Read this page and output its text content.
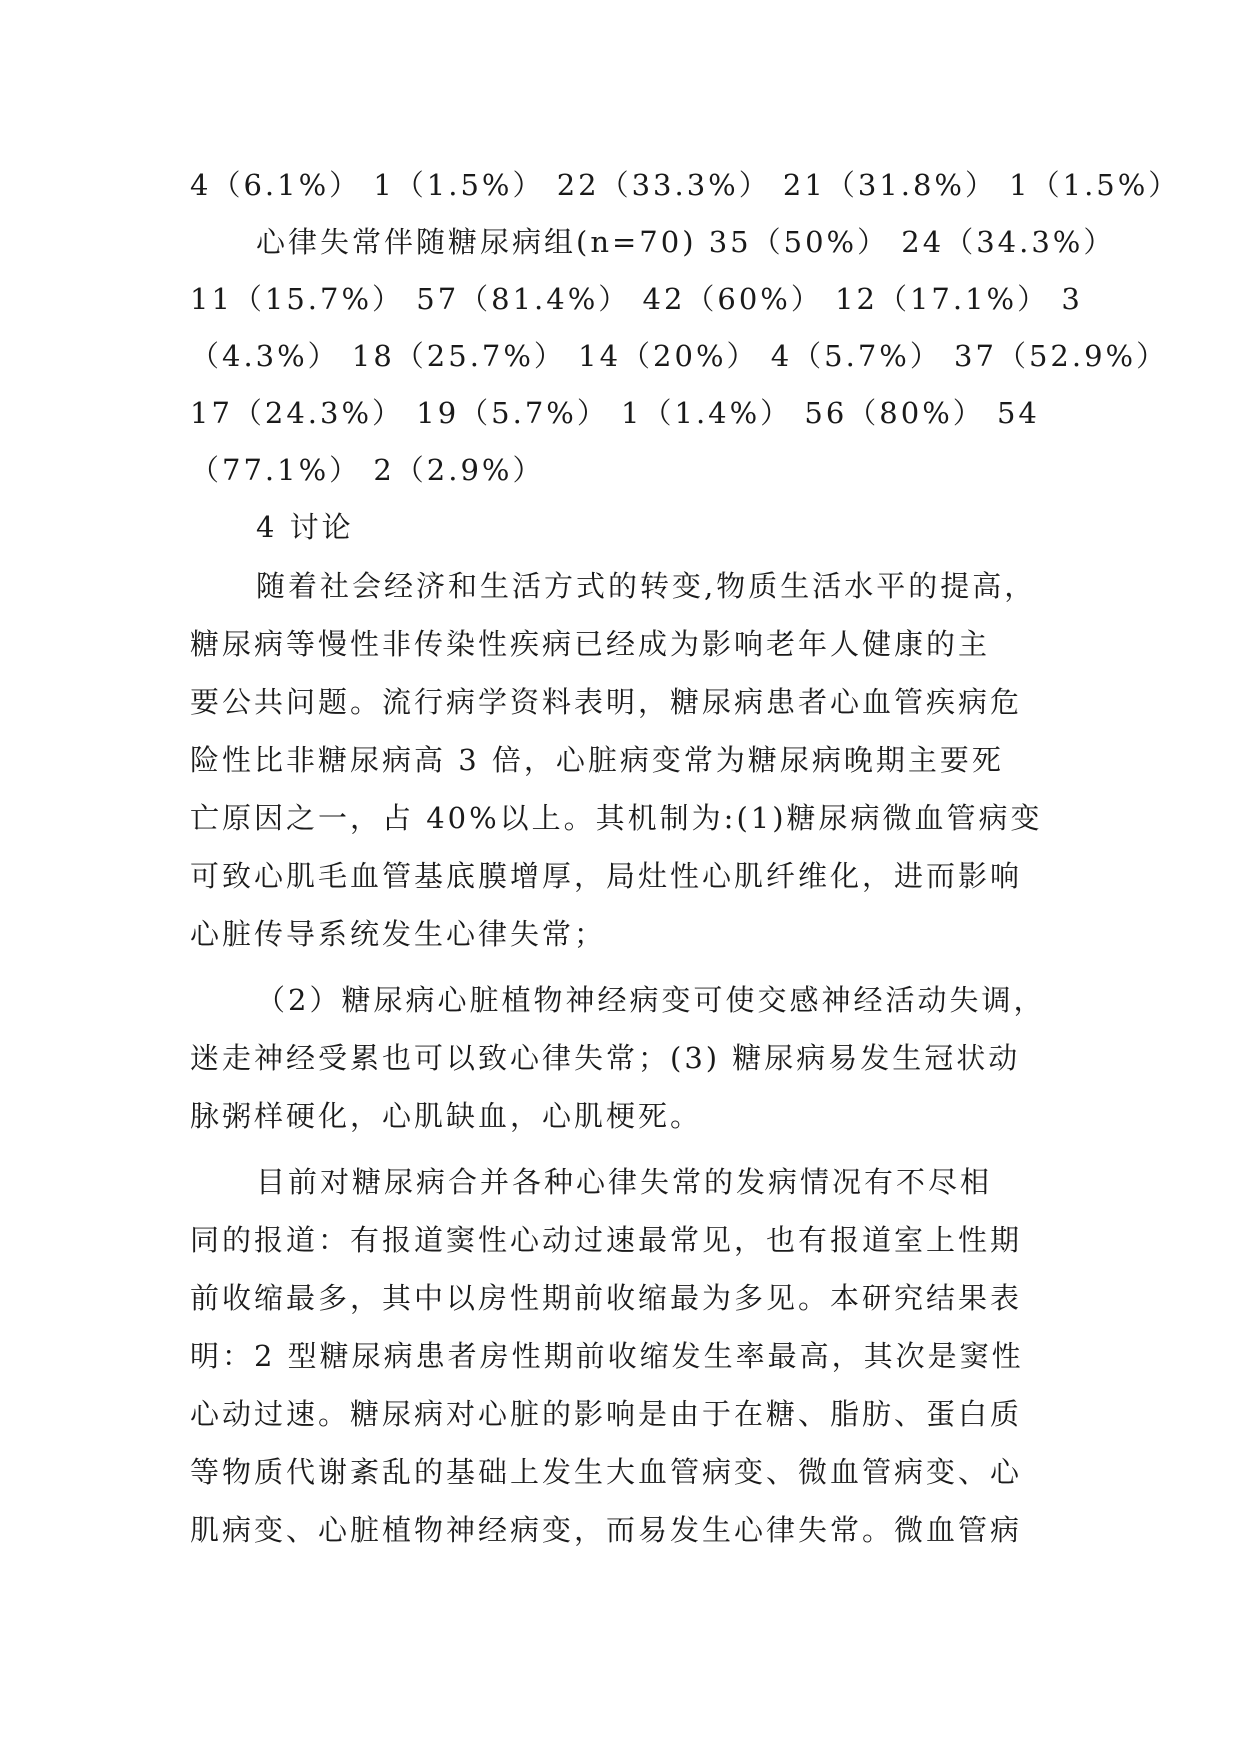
4（6.1%） 1（1.5%） 22（33.3%） 21（31.8%） 1（1.5%）

心律失常伴随糖尿病组(n=70) 35（50%） 24（34.3%）

11（15.7%） 57（81.4%） 42（60%） 12（17.1%） 3

（4.3%） 18（25.7%） 14（20%） 4（5.7%） 37（52.9%）

17（24.3%） 19（5.7%） 1（1.4%） 56（80%） 54

（77.1%） 2（2.9%）

4 讨论

随着社会经济和生活方式的转变,物质生活水平的提高，

糖尿病等慢性非传染性疾病已经成为影响老年人健康的主

要公共问题。流行病学资料表明，糖尿病患者心血管疾病危

险性比非糖尿病高 3 倍，心脏病变常为糖尿病晚期主要死

亡原因之一，占 40%以上。其机制为:(1)糖尿病微血管病变

可致心肌毛血管基底膜增厚，局灶性心肌纤维化，进而影响

心脏传导系统发生心律失常；

（2）糖尿病心脏植物神经病变可使交感神经活动失调，

迷走神经受累也可以致心律失常；(3) 糖尿病易发生冠状动

脉粥样硬化，心肌缺血，心肌梗死。

目前对糖尿病合并各种心律失常的发病情况有不尽相

同的报道：有报道窦性心动过速最常见，也有报道室上性期

前收缩最多，其中以房性期前收缩最为多见。本研究结果表

明：2 型糖尿病患者房性期前收缩发生率最高，其次是窦性

心动过速。糖尿病对心脏的影响是由于在糖、脂肪、蛋白质

等物质代谢紊乱的基础上发生大血管病变、微血管病变、心

肌病变、心脏植物神经病变，而易发生心律失常。微血管病
